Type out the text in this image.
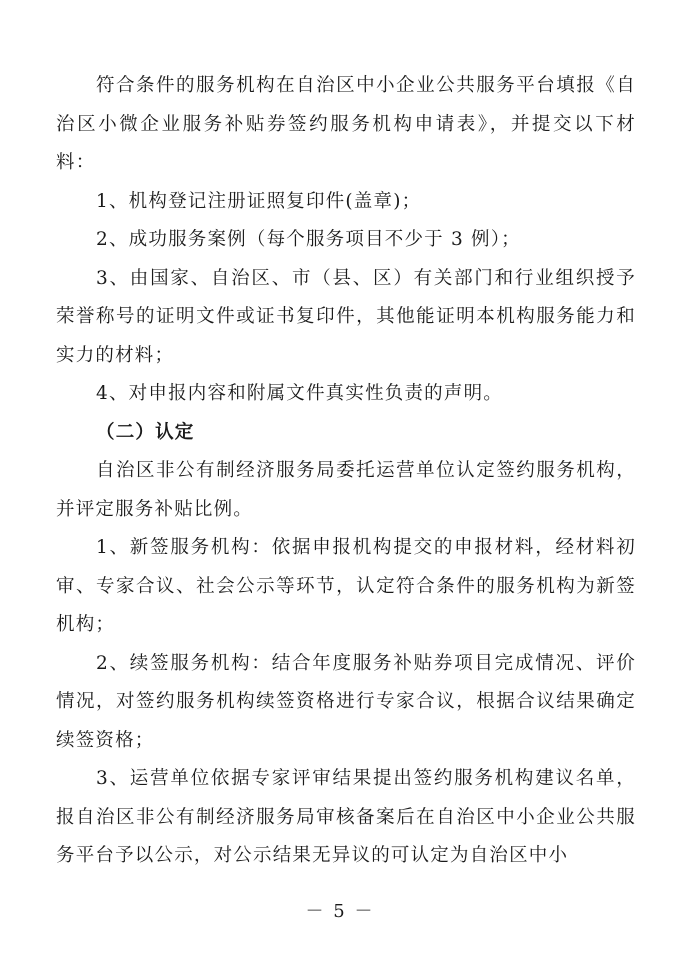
符合条件的服务机构在自治区中小企业公共服务平台填报《自治区小微企业服务补贴券签约服务机构申请表》，并提交以下材料：

1、机构登记注册证照复印件(盖章)；

2、成功服务案例（每个服务项目不少于 3 例）；

3、由国家、自治区、市（县、区）有关部门和行业组织授予荣誉称号的证明文件或证书复印件，其他能证明本机构服务能力和实力的材料；

4、对申报内容和附属文件真实性负责的声明。

（二）认定

自治区非公有制经济服务局委托运营单位认定签约服务机构，并评定服务补贴比例。

1、新签服务机构：依据申报机构提交的申报材料，经材料初审、专家合议、社会公示等环节，认定符合条件的服务机构为新签机构；

2、续签服务机构：结合年度服务补贴券项目完成情况、评价情况，对签约服务机构续签资格进行专家合议，根据合议结果确定续签资格；

3、运营单位依据专家评审结果提出签约服务机构建议名单，报自治区非公有制经济服务局审核备案后在自治区中小企业公共服务平台予以公示，对公示结果无异议的可认定为自治区中小

－ 5 －
